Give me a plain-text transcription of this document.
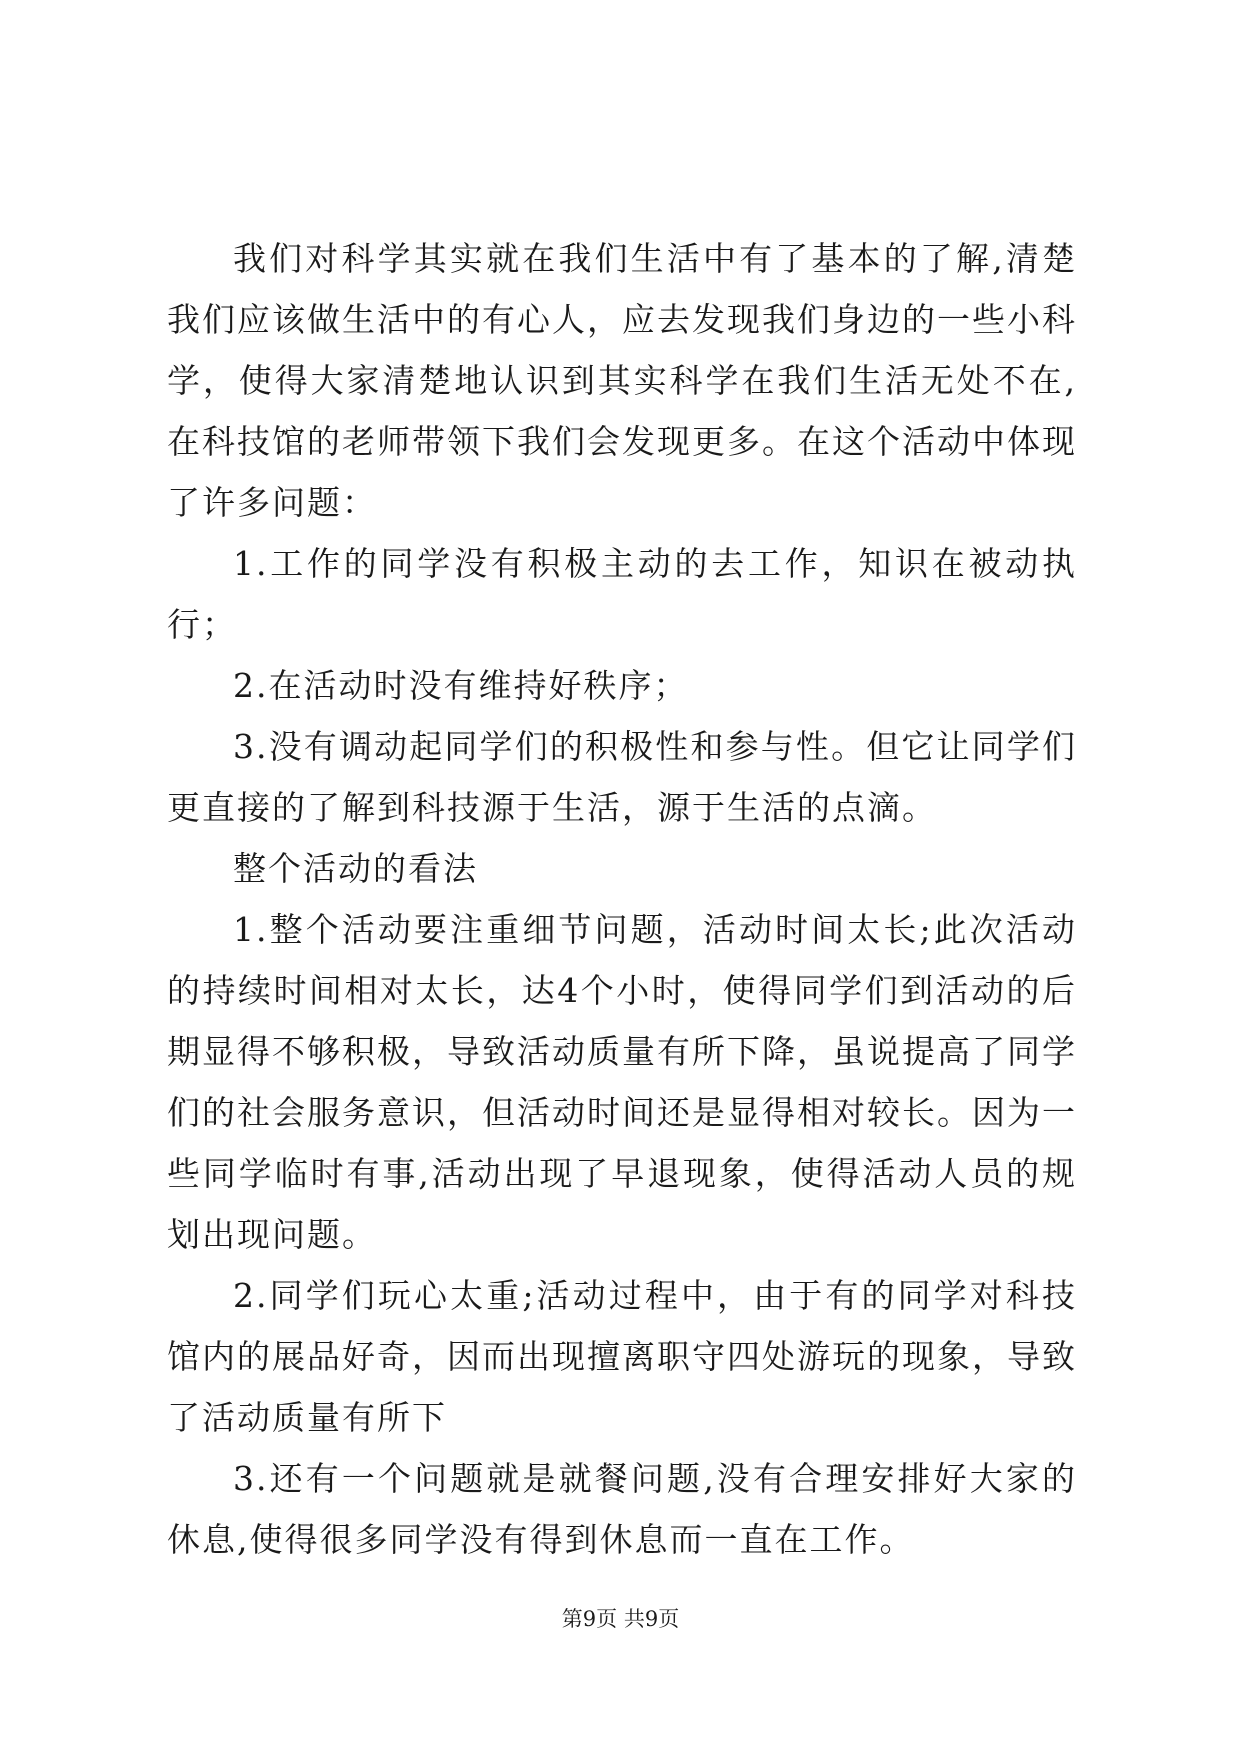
我们对科学其实就在我们生活中有了基本的了解,清楚我们应该做生活中的有心人，应去发现我们身边的一些小科学，使得大家清楚地认识到其实科学在我们生活无处不在,在科技馆的老师带领下我们会发现更多。在这个活动中体现了许多问题：

1.工作的同学没有积极主动的去工作，知识在被动执行；

2.在活动时没有维持好秩序；

3.没有调动起同学们的积极性和参与性。但它让同学们更直接的了解到科技源于生活，源于生活的点滴。

整个活动的看法

1.整个活动要注重细节问题，活动时间太长;此次活动的持续时间相对太长，达4个小时，使得同学们到活动的后期显得不够积极，导致活动质量有所下降，虽说提高了同学们的社会服务意识，但活动时间还是显得相对较长。因为一些同学临时有事,活动出现了早退现象，使得活动人员的规划出现问题。

2.同学们玩心太重;活动过程中，由于有的同学对科技馆内的展品好奇，因而出现擅离职守四处游玩的现象，导致了活动质量有所下

3.还有一个问题就是就餐问题,没有合理安排好大家的休息,使得很多同学没有得到休息而一直在工作。

第9页 共9页
